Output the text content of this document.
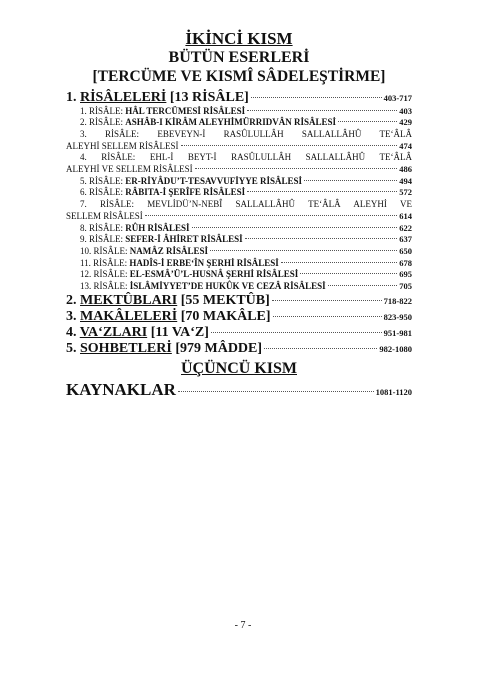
İKİNCİ KISM
BÜTÜN ESERLERİ
[TERCÜME VE KISMÎ SÂDELEŞTİRME]
1. RİSÂLELERİ [13 RİSÂLE]	403-717
1. RİSÂLE: HÂL TERCÜMESİ RİSÂLESİ	403
2. RİSÂLE: ASHÂB-I KİRÂM ALEYHİMÜRRIDVÂN RİSÂLESİ	429
3. RİSÂLE: EBEVEYN-İ RASÛLULLÂH SALLALLÂHÛ TE‘ÂLÂ
ALEYHİ SELLEM RİSÂLESİ	474
4. RİSÂLE: EHL-İ BEYT-İ RASÛLULLÂH SALLALLÂHÛ TE‘ÂLÂ
ALEYHİ VE SELLEM RİSÂLESİ	486
5. RİSÂLE: ER-RİYÂDU’T-TESAVVUFİYYE RİSÂLESİ	494
6. RİSÂLE: RÂBITA-İ ŞERÎFE RİSÂLESİ	572
7. RİSÂLE: MEVLİDÜ’N-NEBÎ SALLALLÂHÛ TE‘ÂLÂ ALEYHİ VE
SELLEM RİSÂLESİ	614
8. RİSÂLE: RÛH RİSÂLESİ	622
9. RİSÂLE: SEFER-İ ÂHİRET RİSÂLESİ	637
10. RİSÂLE: NAMÂZ RİSÂLESİ	650
11. RİSÂLE: HADÎS-İ ERBE‘ÎN ŞERHİ RİSÂLESİ	678
12. RİSÂLE: EL-ESMÂ’Ü’L-HUSNÂ ŞERHİ RİSÂLESİ	695
13. RİSÂLE: İSLÂMİYYET’DE HUKÛK VE CEZÂ RİSÂLESİ	705
2. MEKTÛBLARI [55 MEKTÛB]	718-822
3. MAKÂLELERİ [70 MAKÂLE]	823-950
4. VA‘ZLARI [11 VA‘Z]	951-981
5. SOHBETLERİ [979 MÂDDE]	982-1080
ÜÇÜNCÜ KISM
KAYNAKLAR	1081-1120
- 7 -
